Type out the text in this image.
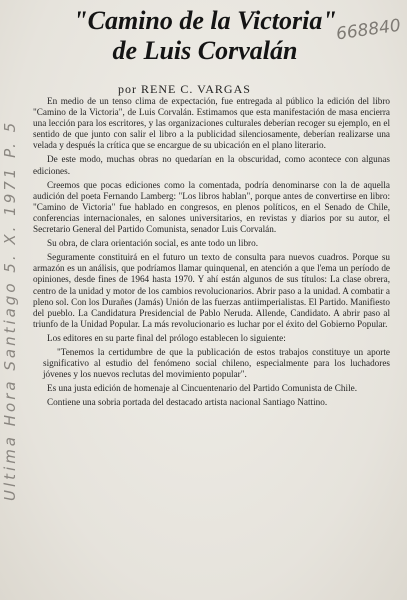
Ultima Hora Santiago 5. X. 1971 P. 5
668840
"Camino de la Victoria"
de Luis Corvalán
por RENE C. VARGAS

En medio de un tenso clima de expectación, fue entregada al público la edición del libro "Camino de la Victoria", de Luis Corvalán. Estimamos que esta manifestación de masa encierra una lección para los escritores, y las organizaciones culturales deberían recoger su ejemplo, en el sentido de que junto con salir el libro a la publicidad silenciosamente, deberían realizarse una velada y después la crítica que se encargue de su ubicación en el plano literario.

De este modo, muchas obras no quedarían en la obscuridad, como acontece con algunas ediciones.

Creemos que pocas ediciones como la comentada, podría denominarse con la de aquella audición del poeta Fernando Lamberg: "Los libros hablan", porque antes de convertirse en libro: "Camino de Victoria" fue hablado en congresos, en plenos políticos, en el Senado de Chile, conferencias internacionales, en salones universitarios, en revistas y diarios por su autor, el Secretario General del Partido Comunista, senador Luis Corvalán.

Su obra, de clara orientación social, es ante todo un libro.

Seguramente constituirá en el futuro un texto de consulta para nuevos cuadros. Porque su armazón es un análisis, que podríamos llamar quinquenal, en atención a que l'ema un período de opiniones, desde fines de 1964 hasta 1970. Y ahí están algunos de sus títulos: La clase obrera, centro de la unidad y motor de los cambios revolucionarios. Abrir paso a la unidad. A combatir a pleno sol. Con los Durañes (Jamás) Unión de las fuerzas antiimperialistas. El Partido. Manifiesto del pueblo. La Candidatura Presidencial de Pablo Neruda. Allende, Candidato. A abrir paso al triunfo de la Unidad Popular. La más revolucionario es luchar por el éxito del Gobierno Popular.

Los editores en su parte final del prólogo establecen lo siguiente:

"Tenemos la certidumbre de que la publicación de estos trabajos constituye un aporte significativo al estudio del fenómeno social chileno, especialmente para los luchadores jóvenes y los nuevos reclutas del movimiento popular".

Es una justa edición de homenaje al Cincuentenario del Partido Comunista de Chile.

Contiene una sobria portada del destacado artista nacional Santiago Nattino.
